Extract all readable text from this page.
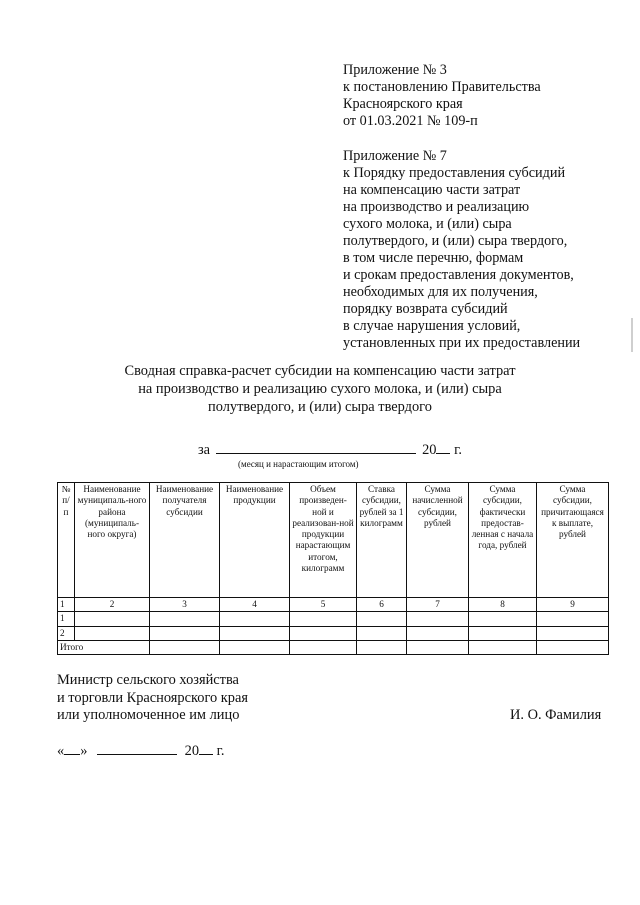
Приложение № 3
к постановлению Правительства
Красноярского края
от 01.03.2021 № 109-п
Приложение № 7
к Порядку предоставления субсидий
на компенсацию части затрат
на производство и реализацию
сухого молока, и (или) сыра
полутвердого, и (или) сыра твердого,
в том числе перечню, формам
и срокам предоставления документов,
необходимых для их получения,
порядку возврата субсидий
в случае нарушения условий,
установленных при их предоставлении
Сводная справка-расчет субсидии на компенсацию части затрат
на производство и реализацию сухого молока, и (или) сыра
полутвердого, и (или) сыра твердого
за	20 г.
(месяц и нарастающим итогом)
№ п/п	Наименование муниципаль-ного района (муниципаль-ного округа)	Наименование получателя субсидии	Наименование продукции	Объем произведен-ной и реализован-ной продукции нарастающим итогом, килограмм	Ставка субсидии, рублей за 1 килограмм	Сумма начисленной субсидии, рублей	Сумма субсидии, фактически предостав-ленная с начала года, рублей	Сумма субсидии, причитающаяся к выплате, рублей
1	2	3	4	5	6	7	8	9
1								
2								
Итого								
Министр сельского хозяйства
и торговли Красноярского края
или уполномоченное им лицо	И. О. Фамилия
« »	20 г.
